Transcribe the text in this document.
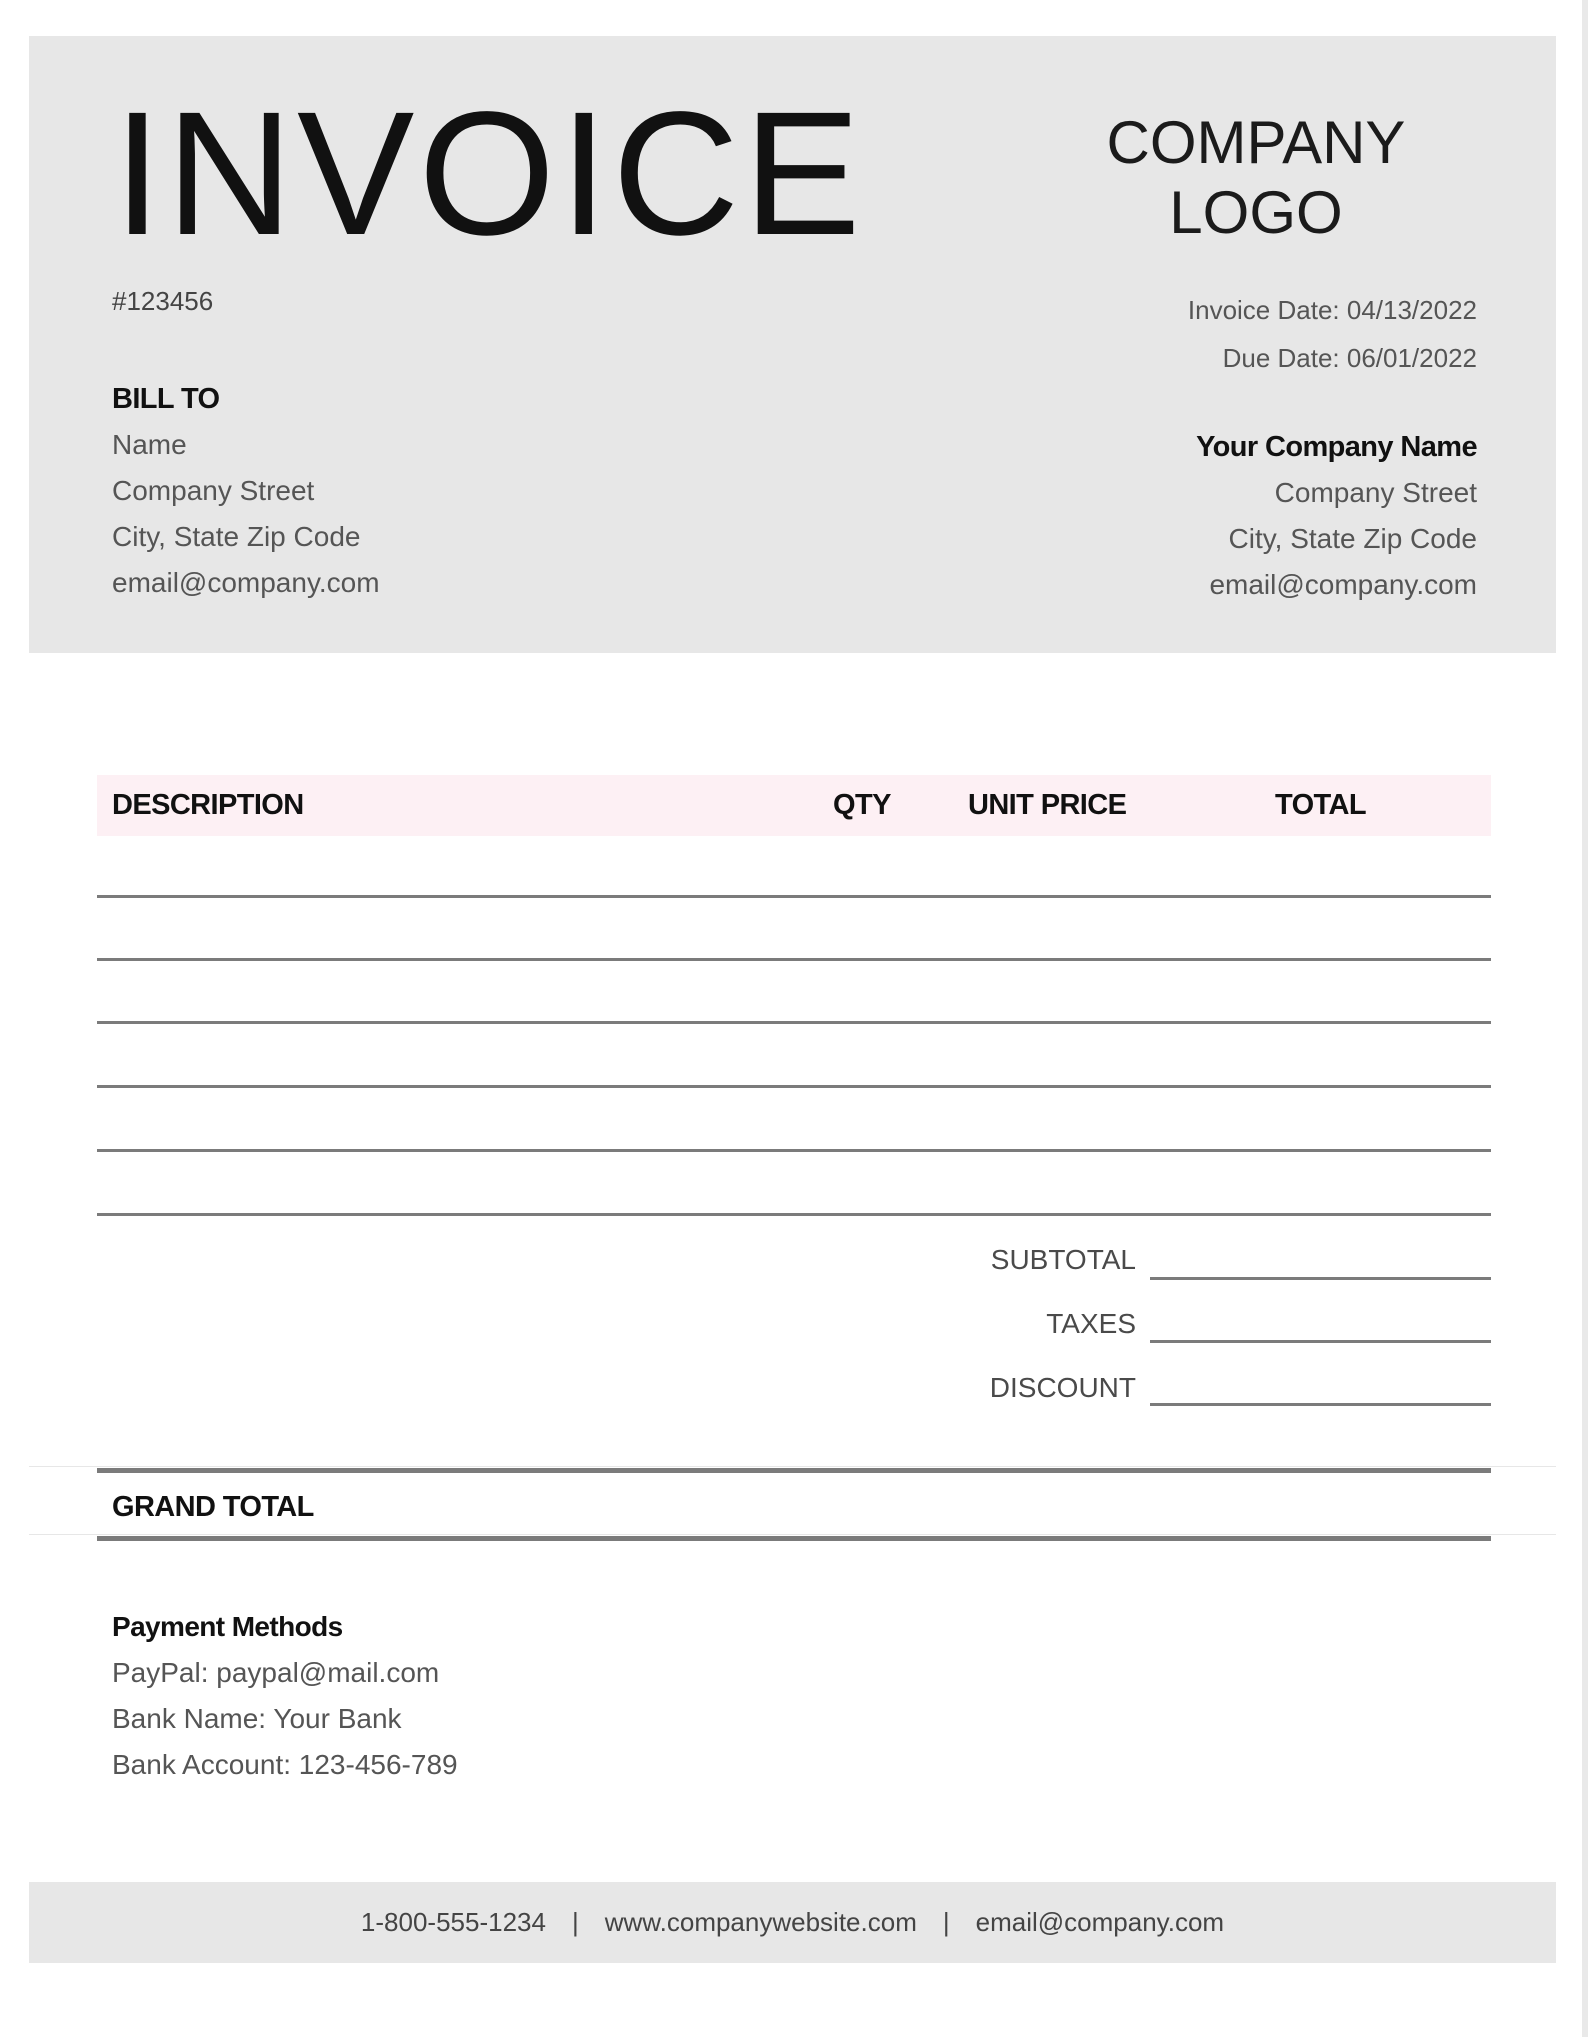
INVOICE	COMPANY
LOGO
#123456	Invoice Date: 04/13/2022
Due Date: 06/01/2022
Your Company Name
Company Street
City, State Zip Code
email@company.com
BILL TO
Name
Company Street
City, State Zip Code
email@company.com
DESCRIPTION	QTY	UNIT PRICE	TOTAL
SUBTOTAL
TAXES
DISCOUNT
GRAND TOTAL
Payment Methods
PayPal: paypal@mail.com
Bank Name: Your Bank
Bank Account: 123-456-789
1-800-555-1234 | www.companywebsite.com | email@company.com
